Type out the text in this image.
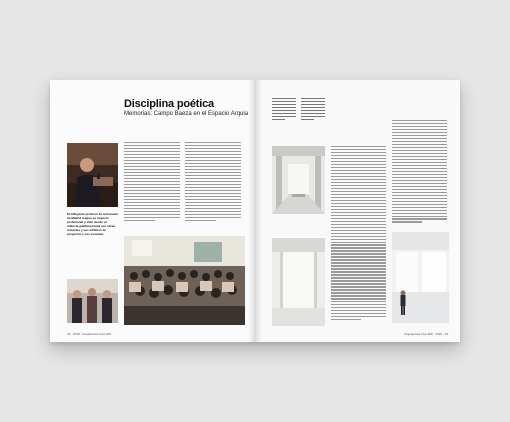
Disciplina poética
Memorias: Campo Baeza en el Espacio Arquia
El influyente profesor de la Escuela de Madrid repasó su trayecto profesional y vital, desde su infancia gaditana hasta sus obras recientes y sus edificios de proyectos y sus escuelas.
32 · 2018 · Arquitectura Viva 208	Arquitectura Viva 208 · 2018 · 33
